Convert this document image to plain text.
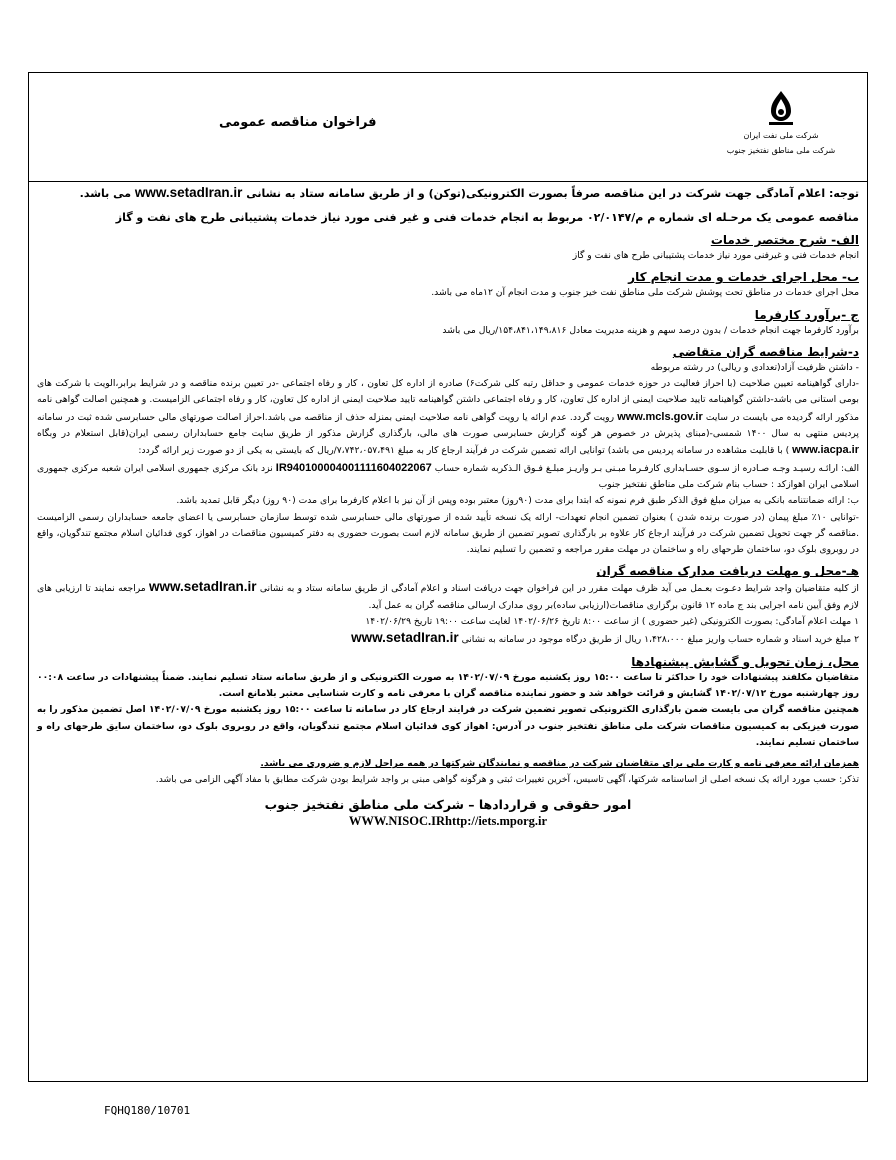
فراخوان مناقصه عمومی
شرکت ملی نفت ایران
شرکت ملی مناطق نفتخیز جنوب

توجه: اعلام آمادگی جهت شرکت در این مناقصه صرفاً بصورت الکترونیکی(توکن) و از طریق سامانه ستاد به نشانی www.setadIran.ir می باشد.

مناقصه عمومی یک مرحـله ای شماره م م/۰۲/۰۱۴۷ مربوط به انجام خدمات فنی و غیر فنی مورد نیاز خدمات پشتیبانی طرح های نفت و گاز

الف- شرح مختصر خدمات

انجام خدمات فنی و غیرفنی مورد نیاز خدمات پشتیبانی طرح های نفت و گاز

ب- محل اجرای خدمات و مدت انجام کار

محل اجرای خدمات در مناطق تحت پوشش شرکت ملی مناطق نفت خیز جنوب و مدت انجام آن ۱۲ماه می باشد.

ج -برآورد کارفرما

برآورد کارفرما جهت انجام خدمات / بدون درصد سهم و هزینه مدیریت معادل ۱۵۴،۸۴۱،۱۴۹،۸۱۶/ریال می باشد

د-شرایط مناقصه گران متقاضی

- داشتن ظرفیت آزاد(تعدادی و ریالی) در رشته مربوطه

-دارای گواهینامه تعیین صلاحیت (با احراز فعالیت در حوزه خدمات عمومی و حداقل رتبه کلی شرکت۶) صادره از اداره کل تعاون ، کار و رفاه اجتماعی -در تعیین برنده مناقصه و در شرایط برابر،الویت با شرکت های بومی استانی می باشد-داشتن گواهینامه تایید صلاحیت ایمنی از اداره کل تعاون، کار و رفاه اجتماعی داشتن گواهینامه تایید صلاحیت ایمنی از اداره کل تعاون، کار و رفاه اجتماعی الزامیست. و همچنین اصالت گواهی نامه مذکور ارائه گردیده می بایست در سایت www.mcls.gov.ir رویت گردد. عدم ارائه یا رویت گواهی نامه صلاحیت ایمنی بمنزله حذف از مناقصه می باشد.احراز اصالت صورتهای مالی حسابرسی شده ثبت در سامانه پردیس منتهی به سال ۱۴۰۰ شمسی-(مبنای پذیرش در خصوص هر گونه گزارش حسابرسی صورت های مالی، بارگذاری گزارش مذکور از طریق سایت جامع حسابداران رسمی ایران(قابل استعلام در وبگاه www.iacpa.ir ) با قابلیت مشاهده در سامانه پردیس می باشد) توانایی ارائه تضمین شرکت در فرآیند ارجاع کار به مبلغ ۷،۷۴۲،۰۵۷،۴۹۱/ریال که بایستی به یکی از دو صورت زیر ارائه گردد:

الف: ارائـه رسیـد وجـه صـادره از سـوی حسـابداری کارفـرما مبـنی بـر واریـز مبلـغ فـوق الـذکربه شماره حساب IR940100004001111604022067 نزد بانک مرکزی جمهوری اسلامی ایران شعبه مرکزی جمهوری اسلامی ایران اهوازکد : حساب بنام شرکت ملی مناطق نفتخیز جنوب

ب: ارائه ضمانتنامه بانکی به میزان مبلغ فوق الذکر طبق فرم نمونه که ابتدا برای مدت (۹۰روز) معتبر بوده وپس از آن نیز با اعلام کارفرما برای مدت (۹۰ روز) دیگر قابل تمدید باشد.

-توانایی ۱۰٪ مبلغ پیمان (در صورت برنده شدن ) بعنوان تضمین انجام تعهدات- ارائه یک نسخه تأیید شده از صورتهای مالی حسابرسی شده توسط سازمان حسابرسی یا اعضای جامعه حسابداران رسمی الزامیست .مناقصه گر جهت تحویل تضمین شرکت در فرآیند ارجاع کار علاوه بر بارگذاری تصویر تضمین از طریق سامانه لازم است بصورت حضوری به دفتر کمیسیون مناقصات در اهواز، کوی فدائیان اسلام مجتمع تندگویان، واقع در روبروی بلوک دو، ساختمان طرحهای راه و ساختمان در مهلت مقرر مراجعه و تضمین را تسلیم نمایند.

هـ-محل و مهلت دریافت مدارک مناقصه گران

از کلیه متقاضیان واجد شرایط دعـوت بعـمل می آید ظرف مهلت مقرر در این فراخوان جهت دریافت اسناد و اعلام آمادگی از طریق سامانه ستاد و به نشانی www.setadIran.ir مراجعه نمایند تا ارزیابی های لازم وفق آیین نامه اجرایی بند ج ماده ۱۲ قانون برگزاری مناقصات(ارزیابی ساده)بر روی مدارک ارسالی مناقصه گران به عمل آید.

۱ مهلت اعلام آمادگی: بصورت الکترونیکی (غیر حضوری ) از ساعت ۸:۰۰ تاریخ ۱۴۰۲/۰۶/۲۶ لغایت ساعت ۱۹:۰۰ تاریخ ۱۴۰۲/۰۶/۲۹

۲ مبلغ خرید اسناد و شماره حساب واریز مبلغ ۱،۴۲۸،۰۰۰ ریال از طریق درگاه موجود در سامانه به نشانی www.setadIran.ir

محل، زمان تحویل و گشایش پیشنهادها

متقاضیان مکلفند پیشنهادات خود را حداکثر تا ساعت ۱۵:۰۰ روز یکشنبه مورخ ۱۴۰۲/۰۷/۰۹ به صورت الکترونیکی و از طریق سامانه ستاد تسلیم نمایند. ضمناً پیشنهادات در ساعت ۰۰:۰۸ روز چهارشنبه مورخ ۱۴۰۲/۰۷/۱۲ گشایش و قرائت خواهد شد و حضور نماینده مناقصه گران با معرفی نامه و کارت شناسایی معتبر بلامانع است.

همچنین مناقصه گران می بایست ضمن بارگذاری الکترونیکی تصویر تضمین شرکت در فرایند ارجاع کار در سامانه تا ساعت ۱۵:۰۰ روز یکشنبه مورخ ۱۴۰۲/۰۷/۰۹ اصل تضمین مذکور را به صورت فیزیکی به کمیسیون مناقصات شرکت ملی مناطق نفتخیز جنوب در آدرس: اهواز کوی فدائیان اسلام مجتمع تندگویان، واقع در روبروی بلوک دو، ساختمان سایق طرحهای راه و ساختمان تسلیم نمایند.

همزمان ارائه معرفی نامه و کارت ملی برای متقاضیان شرکت در مناقصه و نمایندگان شرکتها در همه مراحل لازم و ضروری می باشد.

تذکر: حسب مورد ارائه یک نسخه اصلی از اساسنامه شرکتها، آگهی تاسیس، آخرین تغییرات ثبتی و هرگونه گواهی مبنی بر واجد شرایط بودن شرکت مطابق با مفاد آگهی الزامی می باشد.

امور حقوقی و قراردادها – شرکت ملی مناطق نفتخیز جنوب
WWW.NISOC.IRhttp://iets.mporg.ir
FQHQ180/10701
